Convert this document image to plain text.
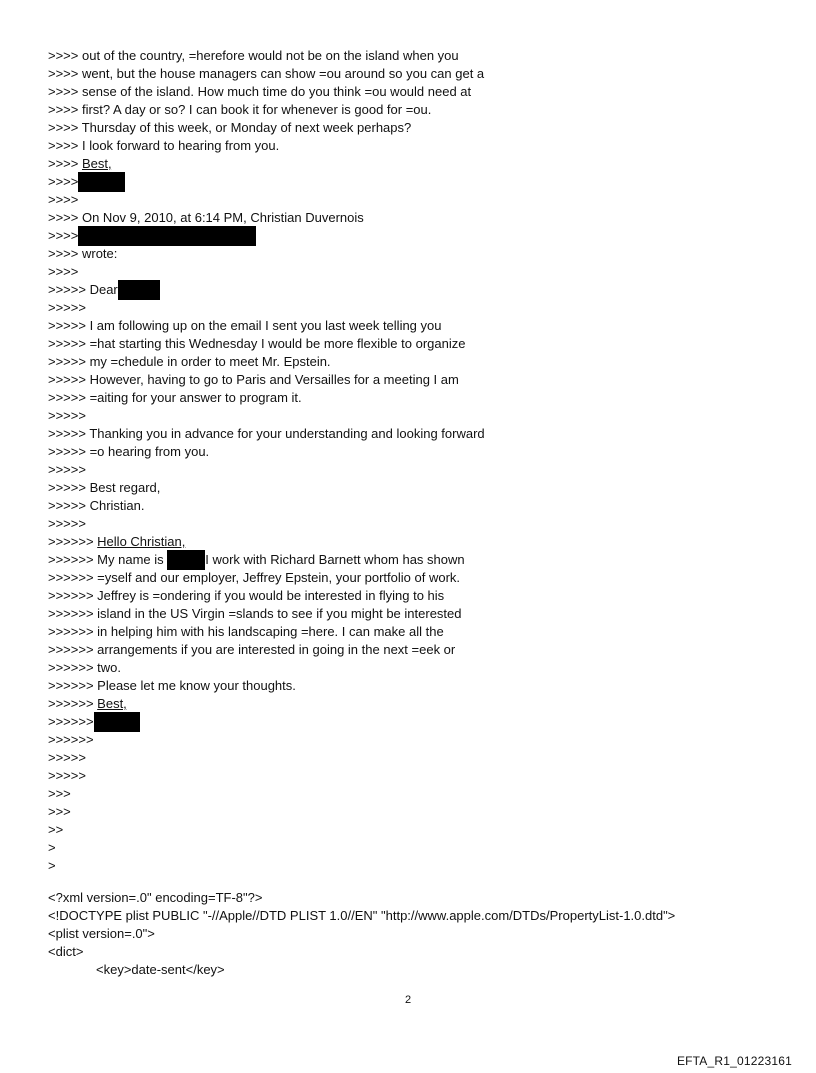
>>>> out of the country, =herefore would not be on the island when you
>>>> went, but the house managers can show =ou around so you can get a
>>>> sense of the island. How much time do you think =ou would need at
>>>> first? A day or so? I can book it for whenever is good for =ou.
>>>> Thursday of this week, or Monday of next week perhaps?
>>>> I look forward to hearing from you.
>>>> Best,
>>>>
>>>>
>>>> On Nov 9, 2010, at 6:14 PM, Christian Duvernois
>>>>
>>>> wrote:
>>>>
>>>>> Dear
>>>>>
>>>>> I am following up on the email I sent you last week telling you
>>>>> =hat starting this Wednesday I would be more flexible to organize
>>>>> my =chedule in order to meet Mr. Epstein.
>>>>> However, having to go to Paris and Versailles for a meeting I am
>>>>> =aiting for your answer to program it.
>>>>>
>>>>> Thanking you in advance for your understanding and looking forward
>>>>> =o hearing from you.
>>>>>
>>>>> Best regard,
>>>>> Christian.
>>>>>
>>>>>> Hello Christian,
>>>>>> My name is	I work with Richard Barnett whom has shown
>>>>>> =yself and our employer, Jeffrey Epstein, your portfolio of work.
>>>>>> Jeffrey is =ondering if you would be interested in flying to his
>>>>>> island in the US Virgin =slands to see if you might be interested
>>>>>> in helping him with his landscaping =here. I can make all the
>>>>>> arrangements if you are interested in going in the next =eek or
>>>>>> two.
>>>>>> Please let me know your thoughts.
>>>>>> Best,
>>>>>>
>>>>>>
>>>>>
>>>>>
>>>
>>>
>>
>
>
<?xml version=.0" encoding=TF-8"?>
<!DOCTYPE plist PUBLIC "-//Apple//DTD PLIST 1.0//EN" "http://www.apple.com/DTDs/PropertyList-1.0.dtd">
<plist version=.0">
<dict>
<key>date-sent</key>
2
EFTA_R1_01223161
